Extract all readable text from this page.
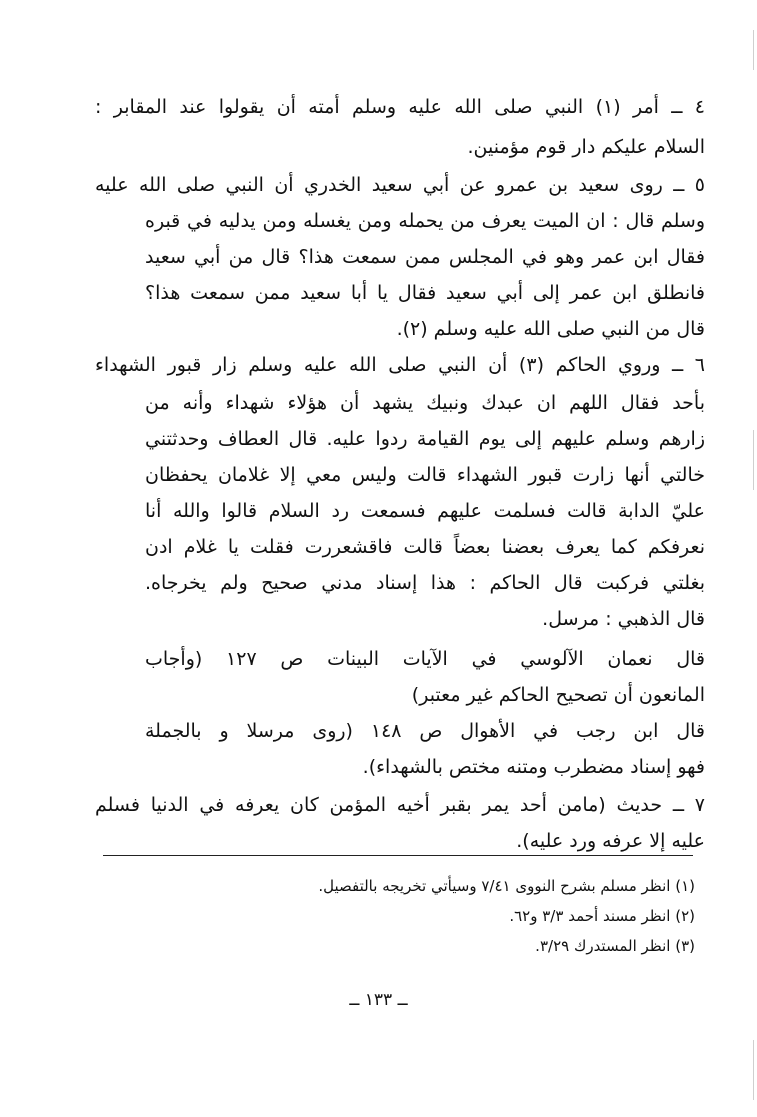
٤ ــ أمر (١) النبي صلى الله عليه وسلم أمته أن يقولوا عند المقابر :
السلام عليكم دار قوم مؤمنين.
٥ ــ روى سعيد بن عمرو عن أبي سعيد الخدري أن النبي صلى الله عليه
وسلم قال : ان الميت يعرف من يحمله ومن يغسله ومن يدليه في قبره
فقال ابن عمر وهو في المجلس ممن سمعت هذا؟ قال من أبي سعيد
فانطلق ابن عمر إلى أبي سعيد فقال يا أبا سعيد ممن سمعت هذا؟
قال من النبي صلى الله عليه وسلم (٢).
٦ ــ وروي الحاكم (٣) أن النبي صلى الله عليه وسلم زار قبور الشهداء
بأحد فقال اللهم ان عبدك ونبيك يشهد أن هؤلاء شهداء وأنه من
زارهم وسلم عليهم إلى يوم القيامة ردوا عليه. قال العطاف وحدثتني
خالتي أنها زارت قبور الشهداء قالت وليس معي إلا غلامان يحفظان
عليّ الدابة قالت فسلمت عليهم فسمعت رد السلام قالوا والله أنا
نعرفكم كما يعرف بعضنا بعضاً قالت فاقشعررت فقلت يا غلام ادن
بغلتي فركبت قال الحاكم : هذا إسناد مدني صحيح ولم يخرجاه.
قال الذهبي : مرسل.
قال نعمان الآلوسي في الآيات البينات ص ١٢٧ (وأجاب
المانعون أن تصحيح الحاكم غير معتبر)
قال ابن رجب في الأهوال ص ١٤٨ (روى مرسلا و بالجملة
فهو إسناد مضطرب ومتنه مختص بالشهداء).
٧ ــ حديث (مامن أحد يمر بقبر أخيه المؤمن كان يعرفه في الدنيا فسلم
عليه إلا عرفه ورد عليه).
(١) انظر مسلم بشرح النووى ٧/٤١ وسيأتي تخريجه بالتفصيل.
(٢) انظر مسند أحمد ٣/٣ و٦٢.
(٣) انظر المستدرك ٣/٢٩.
ــ ١٣٣ ــ
